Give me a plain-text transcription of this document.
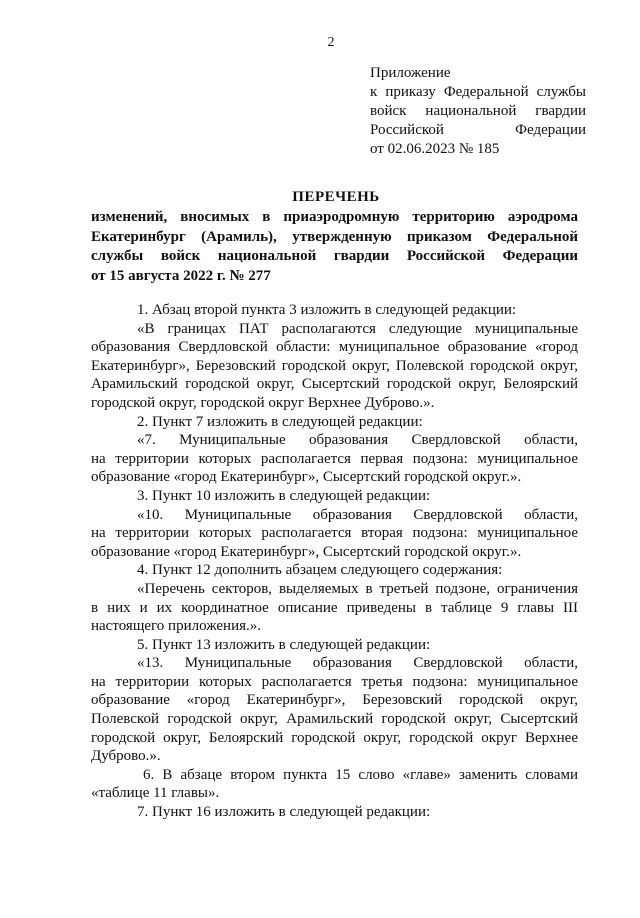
2
Приложение
к приказу Федеральной службы
войск национальной гвардии
Российской Федерации
от 02.06.2023 № 185
ПЕРЕЧЕНЬ
изменений, вносимых в приаэродромную территорию аэродрома
Екатеринбург (Арамиль), утвержденную приказом Федеральной
службы войск национальной гвардии Российской Федерации
от 15 августа 2022 г. № 277
1. Абзац второй пункта 3 изложить в следующей редакции:
«В границах ПАТ располагаются следующие муниципальные
образования Свердловской области: муниципальное образование «город
Екатеринбург», Березовский городской округ, Полевской городской округ,
Арамильский городской округ, Сысертский городской округ, Белоярский
городской округ, городской округ Верхнее Дуброво.».
2. Пункт 7 изложить в следующей редакции:
«7. Муниципальные образования Свердловской области,
на территории которых располагается первая подзона: муниципальное
образование «город Екатеринбург», Сысертский городской округ.».
3. Пункт 10 изложить в следующей редакции:
«10. Муниципальные образования Свердловской области,
на территории которых располагается вторая подзона: муниципальное
образование «город Екатеринбург», Сысертский городской округ.».
4. Пункт 12 дополнить абзацем следующего содержания:
«Перечень секторов, выделяемых в третьей подзоне, ограничения
в них и их координатное описание приведены в таблице 9 главы III
настоящего приложения.».
5. Пункт 13 изложить в следующей редакции:
«13. Муниципальные образования Свердловской области,
на территории которых располагается третья подзона: муниципальное
образование «город Екатеринбург», Березовский городской округ,
Полевской городской округ, Арамильский городской округ, Сысертский
городской округ, Белоярский городской округ, городской округ Верхнее
Дуброво.».
6. В абзаце втором пункта 15 слово «главе» заменить словами
«таблице 11 главы».
7. Пункт 16 изложить в следующей редакции:
